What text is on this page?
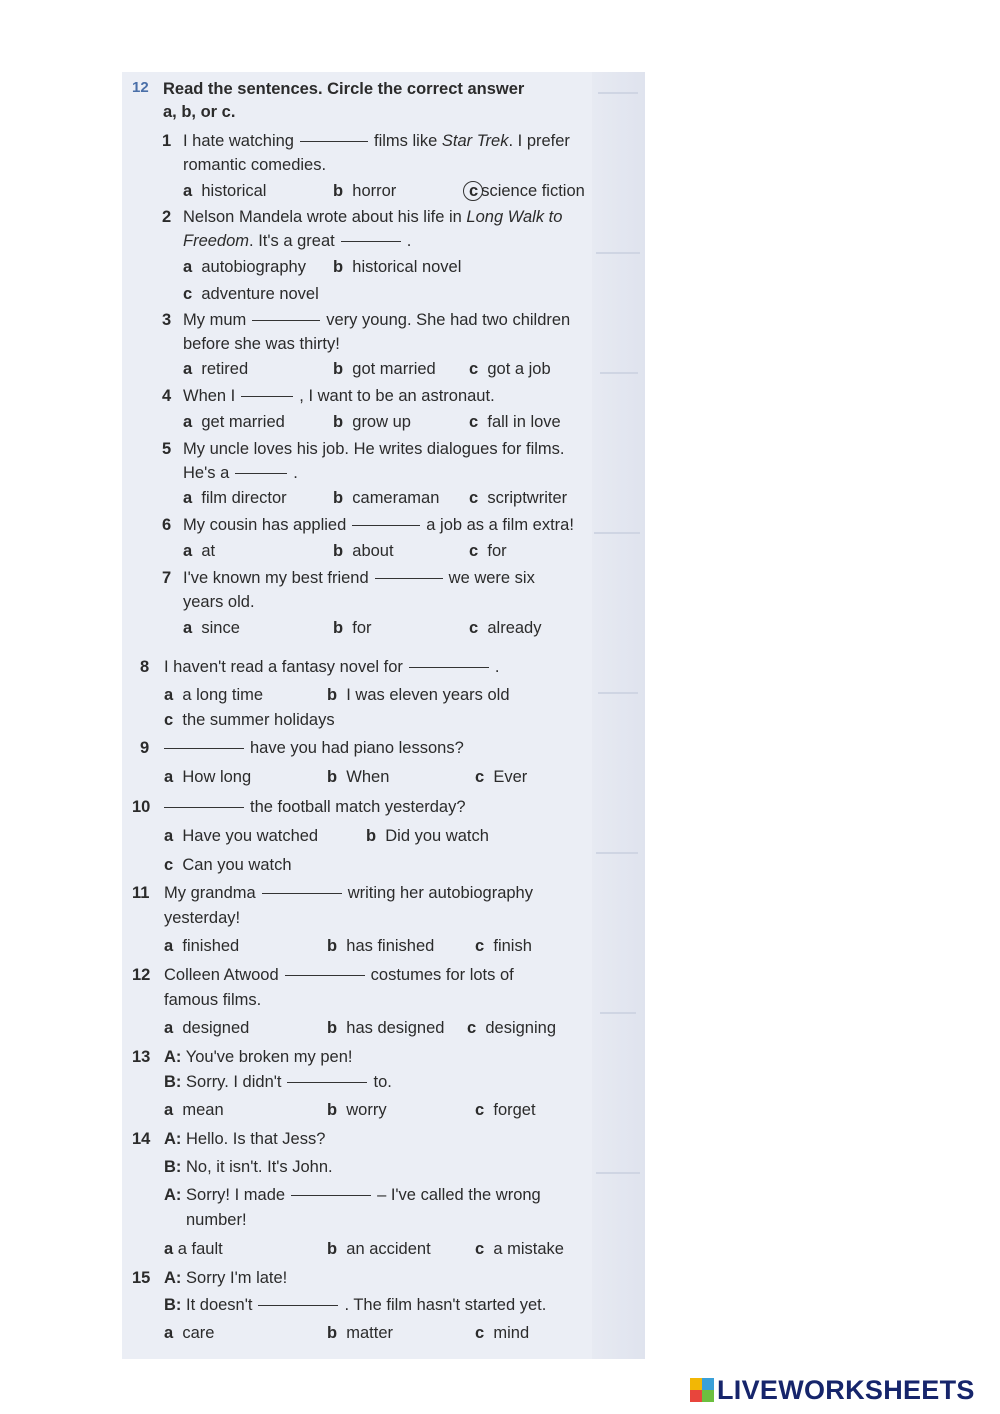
12 Read the sentences. Circle the correct answer
a, b, or c.
1 I hate watching	films like Star Trek. I prefer
romantic comedies.
a historical	b horror	c science fiction
2 Nelson Mandela wrote about his life in Long Walk to
Freedom. It's a great	.
a autobiography b historical novel
c adventure novel
3 My mum	very young. She had two children
before she was thirty!
a retired	b got married c got a job
4 When I	, I want to be an astronaut.
a get married	b grow up	c fall in love
5 My uncle loves his job. He writes dialogues for films.
He's a	.
a film director	b cameraman c scriptwriter
6 My cousin has applied	a job as a film extra!
a at	b about	c for
7 I've known my best friend	we were six
years old.
a since	b for	c already
8 I haven't read a fantasy novel for	.
a a long time	b I was eleven years old
c the summer holidays
9	have you had piano lessons?
a How long	b When	c Ever
10	the football match yesterday?
a Have you watched	b Did you watch
c Can you watch
11 My grandma	writing her autobiography
yesterday!
a finished	b has finished c finish
12 Colleen Atwood	costumes for lots of
famous films.
a designed	b has designed c designing
13 A: You've broken my pen!
B: Sorry. I didn't	to.
a mean	b worry	c forget
14 A: Hello. Is that Jess?
B: No, it isn't. It's John.
A: Sorry! I made	– I've called the wrong
number!
a a fault	b an accident	c a mistake
15 A: Sorry I'm late!
B: It doesn't	. The film hasn't started yet.
a care	b matter	c mind
LIVEWORKSHEETS
